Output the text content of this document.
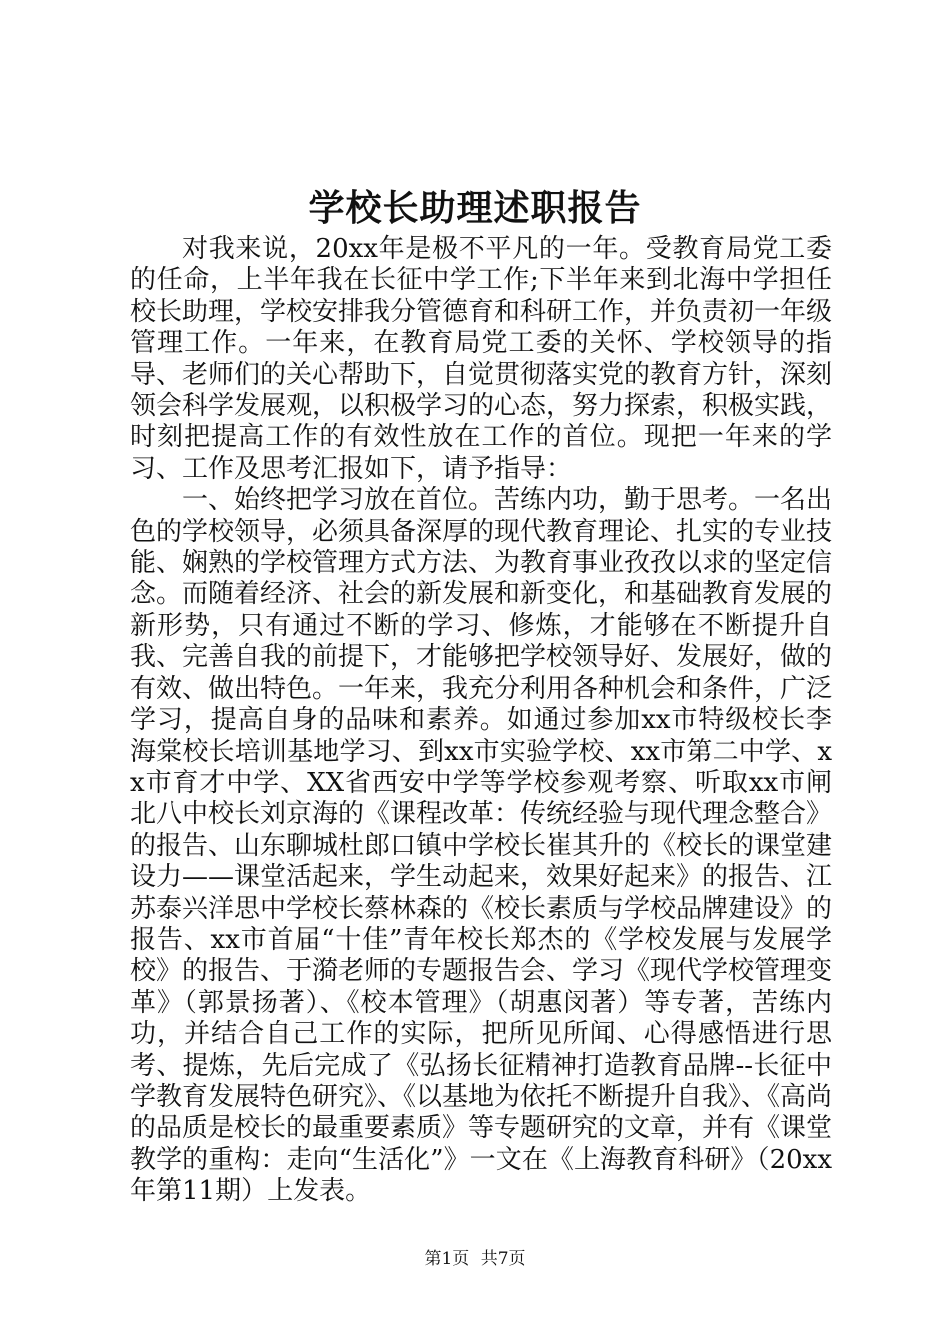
学校长助理述职报告

对我来说，20xx年是极不平凡的一年。受教育局党工委的任命，上半年我在长征中学工作;下半年来到北海中学担任校长助理，学校安排我分管德育和科研工作，并负责初一年级管理工作。一年来，在教育局党工委的关怀、学校领导的指导、老师们的关心帮助下，自觉贯彻落实党的教育方针，深刻领会科学发展观，以积极学习的心态，努力探索，积极实践，时刻把提高工作的有效性放在工作的首位。现把一年来的学习、工作及思考汇报如下，请予指导：

一、始终把学习放在首位。苦练内功，勤于思考。一名出色的学校领导，必须具备深厚的现代教育理论、扎实的专业技能、娴熟的学校管理方式方法、为教育事业孜孜以求的坚定信念。而随着经济、社会的新发展和新变化，和基础教育发展的新形势，只有通过不断的学习、修炼，才能够在不断提升自我、完善自我的前提下，才能够把学校领导好、发展好，做的有效、做出特色。一年来，我充分利用各种机会和条件，广泛学习，提高自身的品味和素养。如通过参加xx市特级校长李海棠校长培训基地学习、到xx市实验学校、xx市第二中学、xx市育才中学、XX省西安中学等学校参观考察、听取xx市闸北八中校长刘京海的《课程改革：传统经验与现代理念整合》的报告、山东聊城杜郎口镇中学校长崔其升的《校长的课堂建设力——课堂活起来，学生动起来，效果好起来》的报告、江苏泰兴洋思中学校长蔡林森的《校长素质与学校品牌建设》的报告、xx市首届“十佳”青年校长郑杰的《学校发展与发展学校》的报告、于漪老师的专题报告会、学习《现代学校管理变革》（郭景扬著）、《校本管理》（胡惠闵著）等专著，苦练内功，并结合自己工作的实际，把所见所闻、心得感悟进行思考、提炼，先后完成了《弘扬长征精神打造教育品牌--长征中学教育发展特色研究》、《以基地为依托不断提升自我》、《高尚的品质是校长的最重要素质》等专题研究的文章，并有《课堂教学的重构：走向“生活化”》一文在《上海教育科研》（20xx年第11期）上发表。

第1页 共7页
